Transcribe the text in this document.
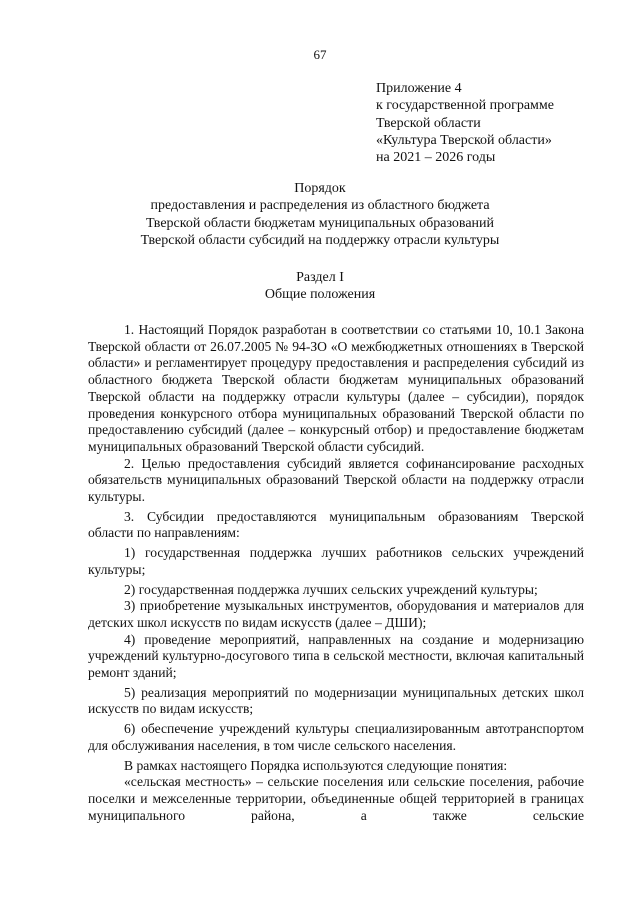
67
Приложение 4
к государственной программе
Тверской области
«Культура Тверской области»
на 2021 – 2026 годы
Порядок
предоставления и распределения из областного бюджета
Тверской области бюджетам муниципальных образований
Тверской области субсидий на поддержку отрасли культуры
Раздел I
Общие положения

1. Настоящий Порядок разработан в соответствии со статьями 10, 10.1 Закона Тверской области от 26.07.2005 № 94-ЗО «О межбюджетных отношениях в Тверской области» и регламентирует процедуру предоставления и распределения субсидий из областного бюджета Тверской области бюджетам муниципальных образований Тверской области на поддержку отрасли культуры (далее – субсидии), порядок проведения конкурсного отбора муниципальных образований Тверской области по предоставлению субсидий (далее – конкурсный отбор) и предоставление бюджетам муниципальных образований Тверской области субсидий.

2. Целью предоставления субсидий является софинансирование расходных обязательств муниципальных образований Тверской области на поддержку отрасли культуры.

3. Субсидии предоставляются муниципальным образованиям Тверской области по направлениям:

1) государственная поддержка лучших работников сельских учреждений культуры;

2) государственная поддержка лучших сельских учреждений культуры;

3) приобретение музыкальных инструментов, оборудования и материалов для детских школ искусств по видам искусств (далее – ДШИ);

4) проведение мероприятий, направленных на создание и модернизацию учреждений культурно-досугового типа в сельской местности, включая капитальный ремонт зданий;

5) реализация мероприятий по модернизации муниципальных детских школ искусств по видам искусств;

6) обеспечение учреждений культуры специализированным автотранспортом для обслуживания населения, в том числе сельского населения.

В рамках настоящего Порядка используются следующие понятия:

«сельская местность» – сельские поселения или сельские поселения, рабочие поселки и межселенные территории, объединенные общей территорией в границах муниципального района, а также сельские
